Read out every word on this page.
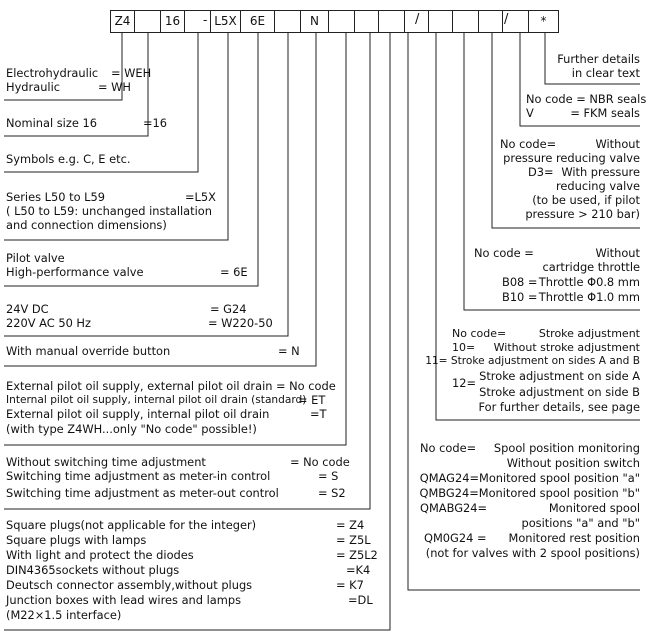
Z4	16	L5X	6E	N	*
-	/	/
Electrohydraulic = WEH
Hydraulic	= WH
Nominal size 16	=16
Symbols e.g. C, E etc.
Series L50 to L59	=L5X
( L50 to L59: unchanged installation
and connection dimensions)
Pilot valve
High-performance valve	= 6E
24V DC	= G24
220V AC 50 Hz	= W220-50
With manual override button	= N
External pilot oil supply, external pilot oil drain = No code
Internal pilot oil supply, internal pilot oil drain (standard)
= ET
External pilot oil supply, internal pilot oil drain	=T
(with type Z4WH...only "No code" possible!)
Without switching time adjustment	= No code
Switching time adjustment as meter-in control	= S
Switching time adjustment as meter-out control	= S2
Square plugs(not applicable for the integer)	= Z4
Square plugs with lamps	= Z5L
With light and protect the diodes	= Z5L2
DIN4365sockets without plugs	=K4
Deutsch connector assembly,without plugs	= K7
Junction boxes with lead wires and lamps	=DL
(M22×1.5 interface)
Further details
in clear text
No code = NBR seals
V	= FKM seals
No code=	Without
pressure reducing valve
D3= With pressure
reducing valve
(to be used, if pilot
pressure > 210 bar)
No code =	Without
cartridge throttle
B08 = Throttle Φ0.8 mm
B10 = Throttle Φ1.0 mm
No code=	Stroke adjustment
10= Without stroke adjustment
11= Stroke adjustment on sides A and B
12= Stroke adjustment on side A
Stroke adjustment on side B
For further details, see page
No code= Spool position monitoring
Without position switch
QMAG24=Monitored spool position "a"
QMBG24=Monitored spool position "b"
QMABG24=	Monitored spool
positions "a" and "b"
QM0G24 = Monitored rest position
(not for valves with 2 spool positions)
